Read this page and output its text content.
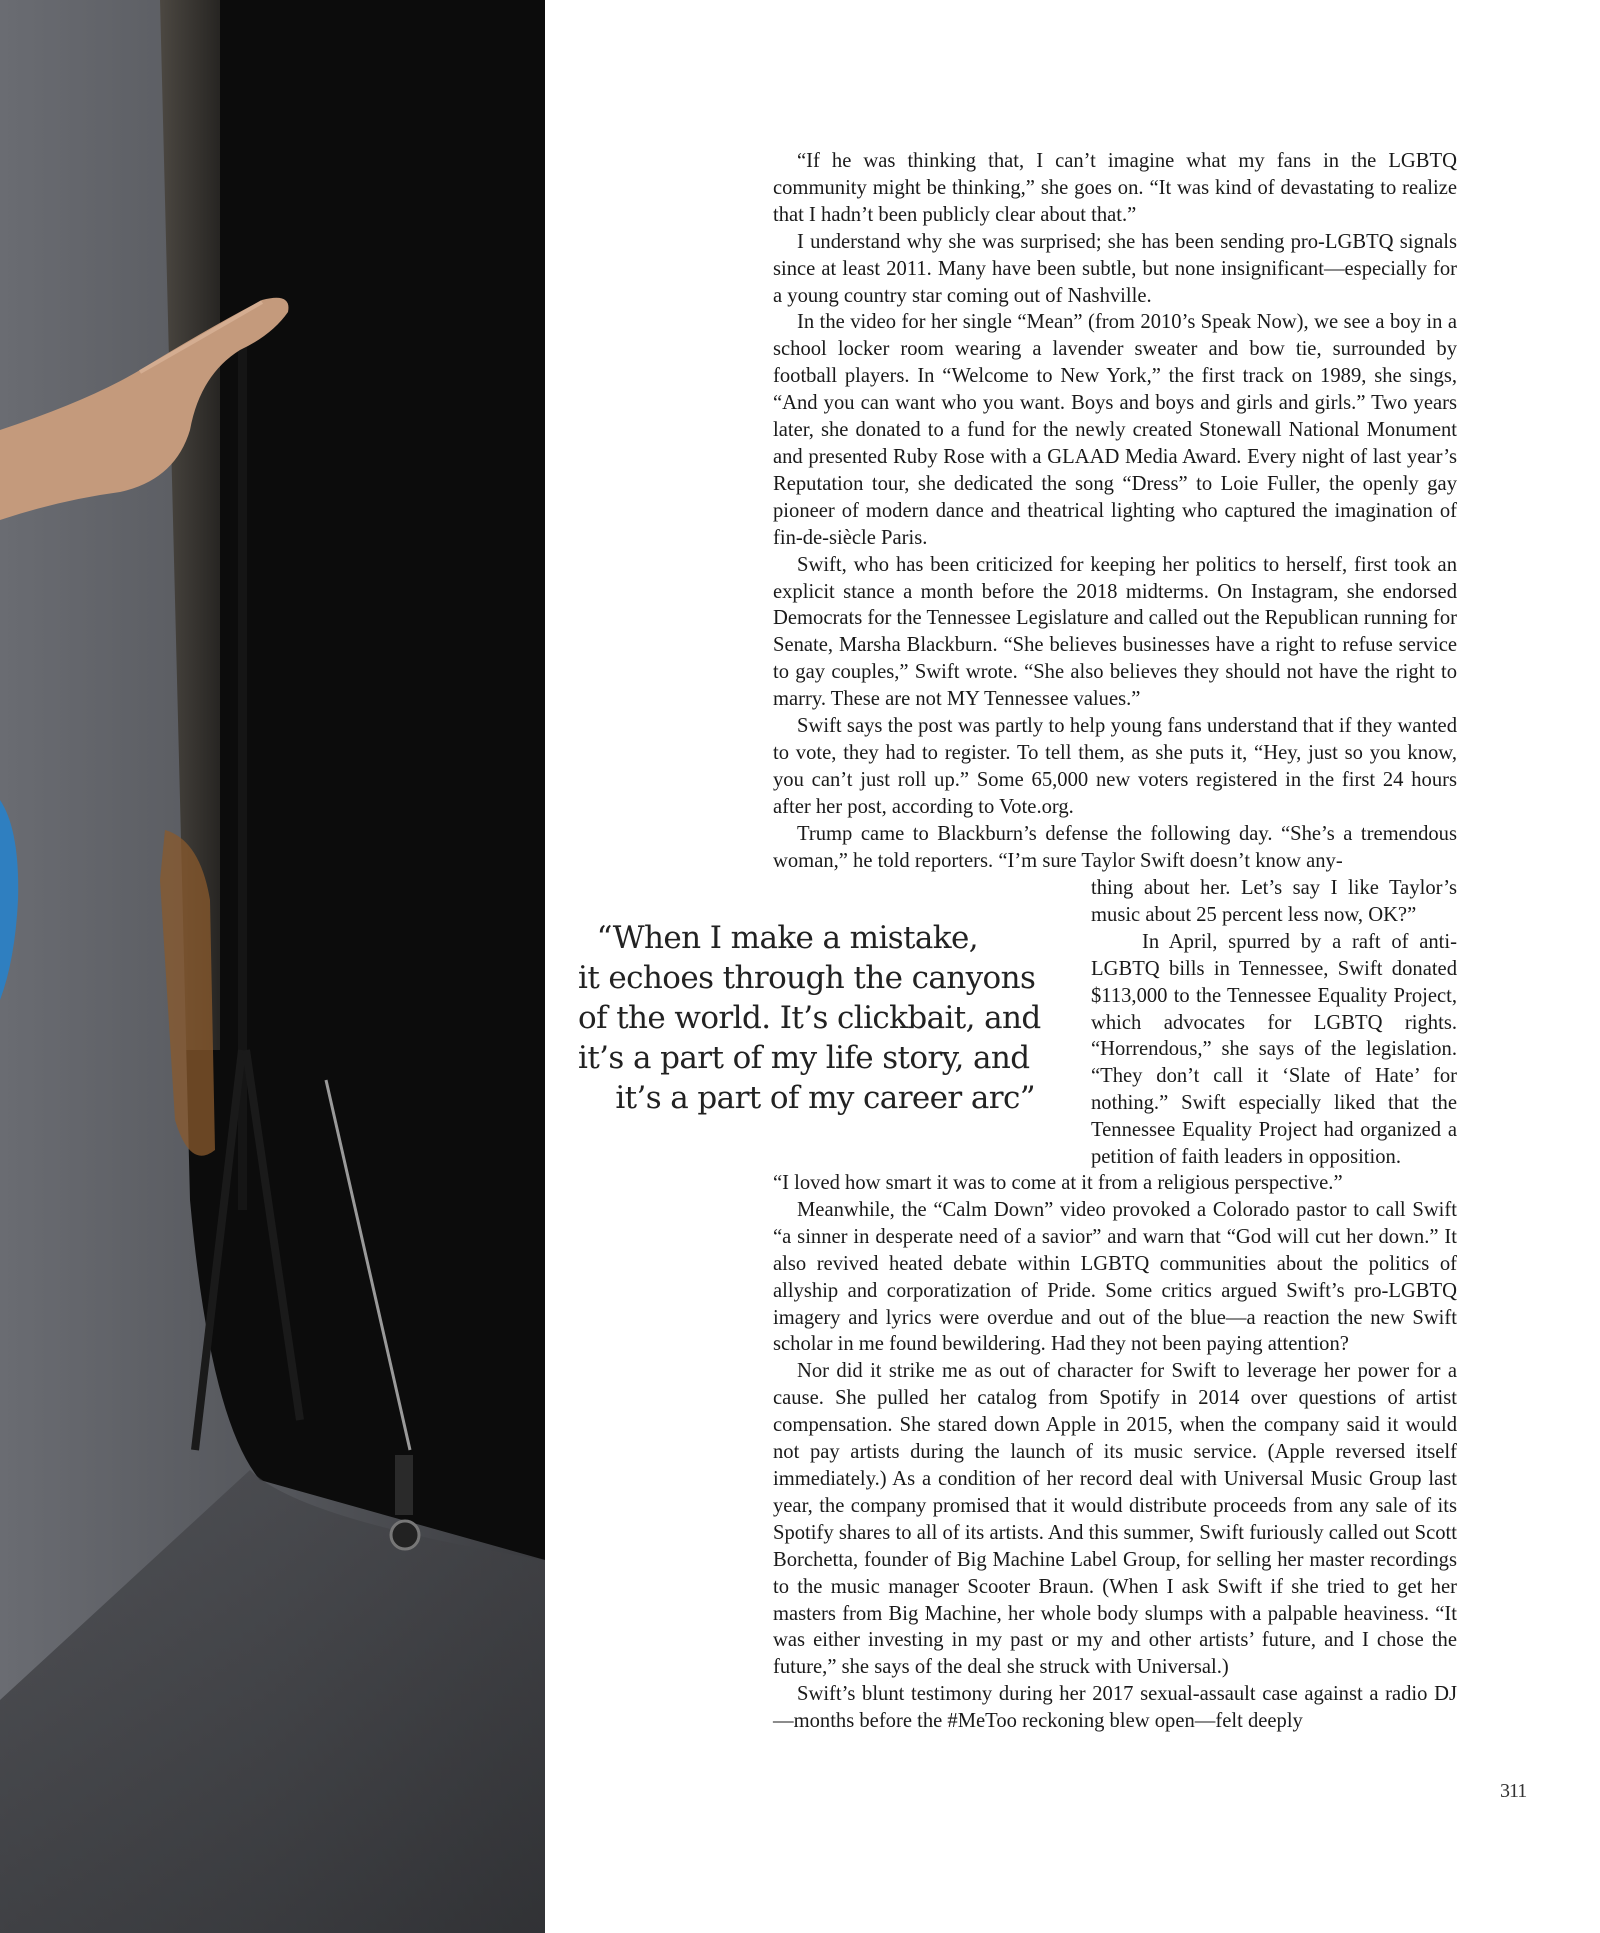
“If he was thinking that, I can’t imagine what my fans in the LGBTQ community might be thinking,” she goes on. “It was kind of devastating to realize that I hadn’t been publicly clear about that.”

I understand why she was surprised; she has been sending pro-LGBTQ signals since at least 2011. Many have been subtle, but none insignificant—especially for a young country star coming out of Nashville.

In the video for her single “Mean” (from 2010’s Speak Now), we see a boy in a school locker room wearing a lavender sweater and bow tie, surrounded by football players. In “Welcome to New York,” the first track on 1989, she sings, “And you can want who you want. Boys and boys and girls and girls.” Two years later, she donated to a fund for the newly created Stonewall National Monument and presented Ruby Rose with a GLAAD Media Award. Every night of last year’s Reputation tour, she dedicated the song “Dress” to Loie Fuller, the openly gay pioneer of modern dance and theatrical lighting who captured the imagination of fin-de-siècle Paris.

Swift, who has been criticized for keeping her politics to herself, first took an explicit stance a month before the 2018 midterms. On Instagram, she endorsed Democrats for the Tennessee Legislature and called out the Republican running for Senate, Marsha Blackburn. “She believes businesses have a right to refuse service to gay couples,” Swift wrote. “She also believes they should not have the right to marry. These are not MY Tennessee values.”

Swift says the post was partly to help young fans understand that if they wanted to vote, they had to register. To tell them, as she puts it, “Hey, just so you know, you can’t just roll up.” Some 65,000 new voters registered in the first 24 hours after her post, according to Vote.org.

Trump came to Blackburn’s defense the following day. “She’s a tremendous woman,” he told reporters. “I’m sure Taylor Swift doesn’t know any-

thing about her. Let’s say I like Taylor’s music about 25 percent less now, OK?”

In April, spurred by a raft of anti-LGBTQ bills in Tennessee, Swift donated $113,000 to the Tennessee Equality Project, which advocates for LGBTQ rights. “Horrendous,” she says of the legislation. “They don’t call it ‘Slate of Hate’ for nothing.” Swift especially liked that the Tennessee Equality Project had organized a petition of faith leaders in opposition.

“When I make a mistake,
it echoes through the canyons
of the world. It’s clickbait, and
it’s a part of my life story, and
it’s a part of my career arc”

“I loved how smart it was to come at it from a religious perspective.”

Meanwhile, the “Calm Down” video provoked a Colorado pastor to call Swift “a sinner in desperate need of a savior” and warn that “God will cut her down.” It also revived heated debate within LGBTQ communities about the politics of allyship and corporatization of Pride. Some critics argued Swift’s pro-LGBTQ imagery and lyrics were overdue and out of the blue—a reaction the new Swift scholar in me found bewildering. Had they not been paying attention?

Nor did it strike me as out of character for Swift to leverage her power for a cause. She pulled her catalog from Spotify in 2014 over questions of artist compensation. She stared down Apple in 2015, when the company said it would not pay artists during the launch of its music service. (Apple reversed itself immediately.) As a condition of her record deal with Universal Music Group last year, the company promised that it would distribute proceeds from any sale of its Spotify shares to all of its artists. And this summer, Swift furiously called out Scott Borchetta, founder of Big Machine Label Group, for selling her master recordings to the music manager Scooter Braun. (When I ask Swift if she tried to get her masters from Big Machine, her whole body slumps with a palpable heaviness. “It was either investing in my past or my and other artists’ future, and I chose the future,” she says of the deal she struck with Universal.)

Swift’s blunt testimony during her 2017 sexual-assault case against a radio DJ—months before the #MeToo reckoning blew open—felt deeply

311
